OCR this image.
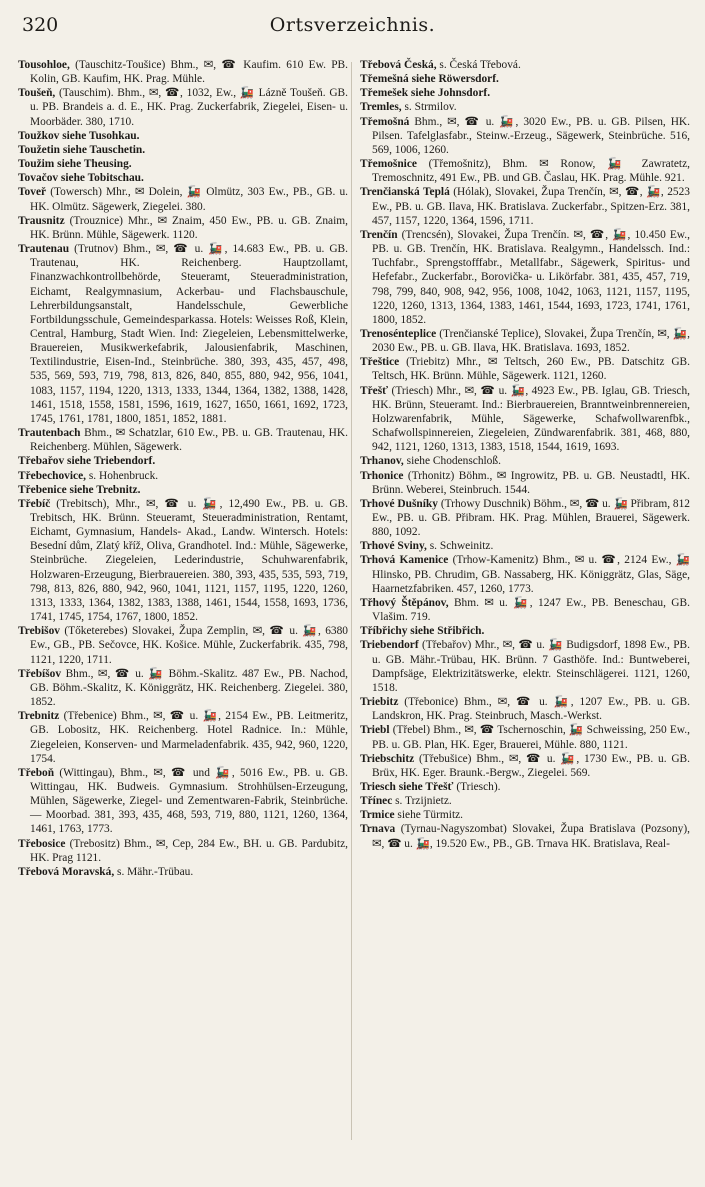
320	Ortsverzeichnis.

Tousohloe, (Tauschitz-Toušice) Bhm., ✉, ☎ Kaufim. 610 Ew. PB. Kolin, GB. Kaufim, HK. Prag. Mühle.

Toušeň, (Tauschim). Bhm., ✉, ☎, 1032, Ew., 🚂 Lázně Toušeň. GB. u. PB. Brandeis a. d. E., HK. Prag. Zuckerfabrik, Ziegelei, Eisen- u. Moorbäder. 380, 1710.

Toužkov siehe Tusohkau.

Toužetin siehe Tauschetin.

Toužim siehe Theusing.

Tovačov siehe Tobitschau.

Toveř (Towersch) Mhr., ✉ Dolein, 🚂 Olmütz, 303 Ew., PB., GB. u. HK. Olmütz. Sägewerk, Ziegelei. 380.

Trausnitz (Trouznice) Mhr., ✉ Znaim, 450 Ew., PB. u. GB. Znaim, HK. Brünn. Mühle, Sägewerk. 1120.

Trautenau (Trutnov) Bhm., ✉, ☎ u. 🚂, 14.683 Ew., PB. u. GB. Trautenau, HK. Reichenberg. Hauptzollamt, Finanzwachkontrollbehörde, Steueramt, Steueradministration, Eichamt, Realgymnasium, Ackerbau- und Flachsbauschule, Lehrerbildungsanstalt, Handelsschule, Gewerbliche Fortbildungsschule, Gemeindesparkassa. Hotels: Weisses Roß, Klein, Central, Hamburg, Stadt Wien. Ind: Ziegeleien, Lebensmittelwerke, Brauereien, Musikwerkefabrik, Jalousienfabrik, Maschinen, Textilindustrie, Eisen-Ind., Steinbrüche. 380, 393, 435, 457, 498, 535, 569, 593, 719, 798, 813, 826, 840, 855, 880, 942, 956, 1041, 1083, 1157, 1194, 1220, 1313, 1333, 1344, 1364, 1382, 1388, 1428, 1461, 1518, 1558, 1581, 1596, 1619, 1627, 1650, 1661, 1692, 1723, 1745, 1761, 1781, 1800, 1851, 1852, 1881.

Trautenbach Bhm., ✉ Schatzlar, 610 Ew., PB. u. GB. Trautenau, HK. Reichenberg. Mühlen, Sägewerk.

Třebařov siehe Triebendorf.

Třebechovice, s. Hohenbruck.

Třebenice siehe Trebnitz.

Třebíč (Trebitsch), Mhr., ✉, ☎ u. 🚂, 12,490 Ew., PB. u. GB. Trebitsch, HK. Brünn. Steueramt, Steueradministration, Rentamt, Eichamt, Gymnasium, Handels- Akad., Landw. Wintersch. Hotels: Besední dům, Zlatý kříž, Oliva, Grandhotel. Ind.: Mühle, Sägewerke, Steinbrüche. Ziegeleien, Lederindustrie, Schuhwarenfabrik, Holzwaren-Erzeugung, Bierbrauereien. 380, 393, 435, 535, 593, 719, 798, 813, 826, 880, 942, 960, 1041, 1121, 1157, 1195, 1220, 1260, 1313, 1333, 1364, 1382, 1383, 1388, 1461, 1544, 1558, 1693, 1736, 1741, 1745, 1754, 1767, 1800, 1852.

Trebišov (Tőketerebes) Slovakei, Župa Zemplin, ✉, ☎ u. 🚂, 6380 Ew., GB., PB. Sečovce, HK. Košice. Mühle, Zuckerfabrik. 435, 798, 1121, 1220, 1711.

Třebíšov Bhm., ✉, ☎ u. 🚂 Böhm.-Skalitz. 487 Ew., PB. Nachod, GB. Böhm.-Skalitz, K. Königgrätz, HK. Reichenberg. Ziegelei. 380, 1852.

Trebnitz (Třebenice) Bhm., ✉, ☎ u. 🚂, 2154 Ew., PB. Leitmeritz, GB. Lobositz, HK. Reichenberg. Hotel Radnice. In.: Mühle, Ziegeleien, Konserven- und Marmeladenfabrik. 435, 942, 960, 1220, 1754.

Třeboň (Wittingau), Bhm., ✉, ☎ und 🚂, 5016 Ew., PB. u. GB. Wittingau, HK. Budweis. Gymnasium. Strohhülsen-Erzeugung, Mühlen, Sägewerke, Ziegel- und Zementwaren-Fabrik, Steinbrüche. — Moorbad. 381, 393, 435, 468, 593, 719, 880, 1121, 1260, 1364, 1461, 1763, 1773.

Třebosice (Trebositz) Bhm., ✉, Cep, 284 Ew., BH. u. GB. Pardubitz, HK. Prag 1121.

Třebová Moravská, s. Mähr.-Trübau.

Třebová Česká, s. Česká Třebová.

Třemešná siehe Röwersdorf.

Třemešek siehe Johnsdorf.

Tremles, s. Strmilov.

Třemošná Bhm., ✉, ☎ u. 🚂, 3020 Ew., PB. u. GB. Pilsen, HK. Pilsen. Tafelglasfabr., Steinw.-Erzeug., Sägewerk, Steinbrüche. 516, 569, 1006, 1260.

Třemošnice (Třemošnitz), Bhm. ✉ Ronow, 🚂 Zawratetz, Tremoschnitz, 491 Ew., PB. und GB. Časlau, HK. Prag. Mühle. 921.

Trenčianská Teplá (Hólak), Slovakei, Župa Trenčín, ✉, ☎, 🚂, 2523 Ew., PB. u. GB. Ilava, HK. Bratislava. Zuckerfabr., Spitzen-Erz. 381, 457, 1157, 1220, 1364, 1596, 1711.

Trenčín (Trencsén), Slovakei, Župa Trenčín. ✉, ☎, 🚂, 10.450 Ew., PB. u. GB. Trenčín, HK. Bratislava. Realgymn., Handelssch. Ind.: Tuchfabr., Sprengstofffabr., Metallfabr., Sägewerk, Spiritus- und Hefefabr., Zuckerfabr., Borovička- u. Likörfabr. 381, 435, 457, 719, 798, 799, 840, 908, 942, 956, 1008, 1042, 1063, 1121, 1157, 1195, 1220, 1260, 1313, 1364, 1383, 1461, 1544, 1693, 1723, 1741, 1761, 1800, 1852.

Trenosénteplice (Trenčianské Teplice), Slovakei, Župa Trenčín, ✉, 🚂, 2030 Ew., PB. u. GB. Ilava, HK. Bratislava. 1693, 1852.

Třeštice (Triebitz) Mhr., ✉ Teltsch, 260 Ew., PB. Datschitz GB. Teltsch, HK. Brünn. Mühle, Sägewerk. 1121, 1260.

Třešť (Triesch) Mhr., ✉, ☎ u. 🚂, 4923 Ew., PB. Iglau, GB. Triesch, HK. Brünn, Steueramt. Ind.: Bierbrauereien, Branntweinbrennereien, Holzwarenfabrik, Mühle, Sägewerke, Schafwollwarenfbk., Schafwollspinnereien, Ziegeleien, Zündwarenfabrik. 381, 468, 880, 942, 1121, 1260, 1313, 1383, 1518, 1544, 1619, 1693.

Trhanov, siehe Chodenschloß.

Trhonice (Trhonitz) Böhm., ✉ Ingrowitz, PB. u. GB. Neustadtl, HK. Brünn. Weberei, Steinbruch. 1544.

Trhové Dušníky (Trhowy Duschnik) Böhm., ✉, ☎ u. 🚂 Přibram, 812 Ew., PB. u. GB. Přibram. HK. Prag. Mühlen, Brauerei, Sägewerk. 880, 1092.

Trhové Sviny, s. Schweinitz.

Trhová Kamenice (Trhow-Kamenitz) Bhm., ✉ u. ☎, 2124 Ew., 🚂 Hlinsko, PB. Chrudim, GB. Nassaberg, HK. Königgrätz, Glas, Säge, Haarnetzfabriken. 457, 1260, 1773.

Třhový Štěpánov, Bhm. ✉ u. 🚂, 1247 Ew., PB. Beneschau, GB. Vlašim. 719.

Tříbřichy siehe Střibřich.

Triebendorf (Třebařov) Mhr., ✉, ☎ u. 🚂 Budigsdorf, 1898 Ew., PB. u. GB. Mähr.-Trübau, HK. Brünn. 7 Gasthöfe. Ind.: Buntweberei, Dampfsäge, Elektrizitätswerke, elektr. Steinschlägerei. 1121, 1260, 1518.

Triebitz (Třebonice) Bhm., ✉, ☎ u. 🚂, 1207 Ew., PB. u. GB. Landskron, HK. Prag. Steinbruch, Masch.-Werkst.

Triebl (Třebel) Bhm., ✉, ☎ Tschernoschin, 🚂 Schweissing, 250 Ew., PB. u. GB. Plan, HK. Eger, Brauerei, Mühle. 880, 1121.

Triebschitz (Třebušice) Bhm., ✉, ☎ u. 🚂, 1730 Ew., PB. u. GB. Brüx, HK. Eger. Braunk.-Bergw., Ziegelei. 569.

Triesch siehe Třešť (Triesch).

Třínec s. Trzijnietz.

Trmice siehe Türmitz.

Trnava (Tyrnau-Nagyszombat) Slovakei, Župa Bratislava (Pozsony), ✉, ☎ u. 🚂, 19.520 Ew., PB., GB. Trnava HK. Bratislava, Real-
